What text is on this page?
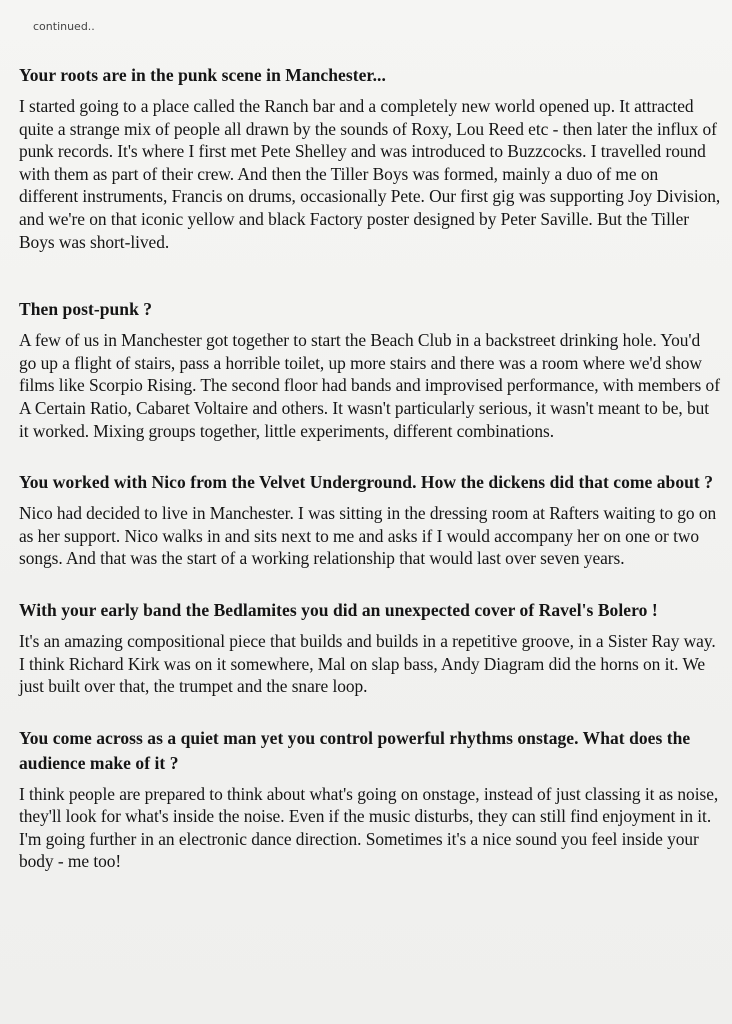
continued..

Your roots are in the punk scene in Manchester...

I started going to a place called the Ranch bar and a completely new world opened up. It attracted quite a strange mix of people all drawn by the sounds of Roxy, Lou Reed etc - then later the influx of punk records. It's where I first met Pete Shelley and was introduced to Buzzcocks. I travelled round with them as part of their crew. And then the Tiller Boys was formed, mainly a duo of me on different instruments, Francis on drums, occasionally Pete. Our first gig was supporting Joy Division, and we're on that iconic yellow and black Factory poster designed by Peter Saville. But the Tiller Boys was short-lived.

Then post-punk ?

A few of us in Manchester got together to start the Beach Club in a backstreet drinking hole. You'd go up a flight of stairs, pass a horrible toilet, up more stairs and there was a room where we'd show films like Scorpio Rising. The second floor had bands and improvised performance, with members of A Certain Ratio, Cabaret Voltaire and others. It wasn't particularly serious, it wasn't meant to be, but it worked. Mixing groups together, little experiments, different combinations.

You worked with Nico from the Velvet Underground. How the dickens did that come about ?

Nico had decided to live in Manchester. I was sitting in the dressing room at Rafters waiting to go on as her support. Nico walks in and sits next to me and asks if I would accompany her on one or two songs. And that was the start of a working relationship that would last over seven years.

With your early band the Bedlamites you did an unexpected cover of Ravel's Bolero !

It's an amazing compositional piece that builds and builds in a repetitive groove, in a Sister Ray way. I think Richard Kirk was on it somewhere, Mal on slap bass, Andy Diagram did the horns on it. We just built over that, the trumpet and the snare loop.

You come across as a quiet man yet you control powerful rhythms onstage. What does the audience make of it ?

I think people are prepared to think about what's going on onstage, instead of just classing it as noise, they'll look for what's inside the noise. Even if the music disturbs, they can still find enjoyment in it. I'm going further in an electronic dance direction. Sometimes it's a nice sound you feel inside your body - me too!
